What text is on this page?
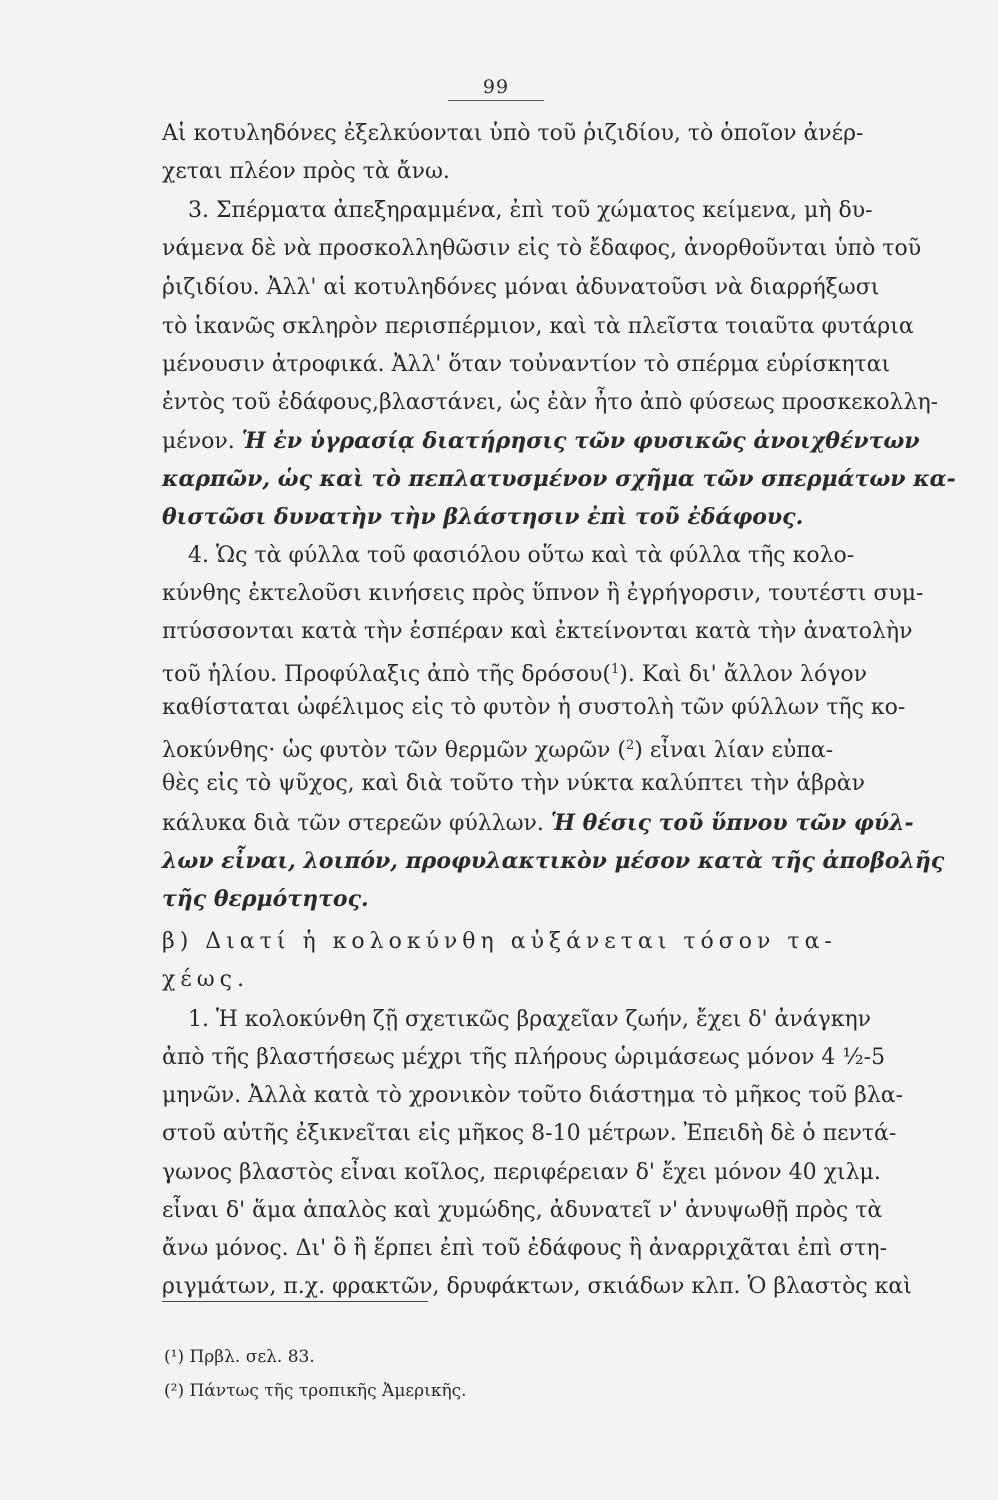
99
Αἱ κοτυληδόνες ἐξελκύονται ὑπὸ τοῦ ῥιζιδίου, τὸ ὁποῖον ἀνέρ-
χεται πλέον πρὸς τὰ ἄνω.
3. Σπέρματα ἀπεξηραμμένα, ἐπὶ τοῦ χώματος κείμενα, μὴ δυ-
νάμενα δὲ νὰ προσκολληθῶσιν εἰς τὸ ἔδαφος, ἀνορθοῦνται ὑπὸ τοῦ
ῥιζιδίου. Ἀλλ' αἱ κοτυληδόνες μόναι ἀδυνατοῦσι νὰ διαρρήξωσι
τὸ ἱκανῶς σκληρὸν περισπέρμιον, καὶ τὰ πλεῖστα τοιαῦτα φυτάρια
μένουσιν ἀτροφικά. Ἀλλ' ὅταν τοὐναντίον τὸ σπέρμα εὑρίσκηται
ἐντὸς τοῦ ἐδάφους,βλαστάνει, ὡς ἐὰν ἦτο ἀπὸ φύσεως προσκεκολλη-
μένον. Ἡ ἐν ὑγρασίᾳ διατήρησις τῶν φυσικῶς ἀνοιχθέντων
καρπῶν, ὡς καὶ τὸ πεπλατυσμένον σχῆμα τῶν σπερμάτων κα-
θιστῶσι δυνατὴν τὴν βλάστησιν ἐπὶ τοῦ ἐδάφους.
4. Ὡς τὰ φύλλα τοῦ φασιόλου οὕτω καὶ τὰ φύλλα τῆς κολο-
κύνθης ἐκτελοῦσι κινήσεις πρὸς ὕπνον ἢ ἐγρήγορσιν, τουτέστι συμ-
πτύσσονται κατὰ τὴν ἑσπέραν καὶ ἐκτείνονται κατὰ τὴν ἀνατολὴν
τοῦ ἡλίου. Προφύλαξις ἀπὸ τῆς δρόσου(1). Καὶ δι' ἄλλον λόγον
καθίσταται ὠφέλιμος εἰς τὸ φυτὸν ἡ συστολὴ τῶν φύλλων τῆς κο-
λοκύνθης· ὡς φυτὸν τῶν θερμῶν χωρῶν (2) εἶναι λίαν εὐπα-
θὲς εἰς τὸ ψῦχος, καὶ διὰ τοῦτο τὴν νύκτα καλύπτει τὴν ἁβρὰν
κάλυκα διὰ τῶν στερεῶν φύλλων. Ἡ θέσις τοῦ ὕπνου τῶν φύλ-
λων εἶναι, λοιπόν, προφυλακτικὸν μέσον κατὰ τῆς ἀποβολῆς
τῆς θερμότητος.
β) Διατί ἡ κολοκύνθη αὐξάνεται τόσον τα-
χέως.
1. Ἡ κολοκύνθη ζῇ σχετικῶς βραχεῖαν ζωήν, ἔχει δ' ἀνάγκην
ἀπὸ τῆς βλαστήσεως μέχρι τῆς πλήρους ὡριμάσεως μόνον 4 ½-5
μηνῶν. Ἀλλὰ κατὰ τὸ χρονικὸν τοῦτο διάστημα τὸ μῆκος τοῦ βλα-
στοῦ αὐτῆς ἐξικνεῖται εἰς μῆκος 8-10 μέτρων. Ἐπειδὴ δὲ ὁ πεντά-
γωνος βλαστὸς εἶναι κοῖλος, περιφέρειαν δ' ἔχει μόνον 40 χιλμ.
εἶναι δ' ἅμα ἁπαλὸς καὶ χυμώδης, ἀδυνατεῖ ν' ἀνυψωθῇ πρὸς τὰ
ἄνω μόνος. Δι' ὃ ἢ ἕρπει ἐπὶ τοῦ ἐδάφους ἢ ἀναρριχᾶται ἐπὶ στη-
ριγμάτων, π.χ. φρακτῶν, δρυφάκτων, σκιάδων κλπ. Ὁ βλαστὸς καὶ
(¹) Πρβλ. σελ. 83.
(²) Πάντως τῆς τροπικῆς Ἀμερικῆς.
